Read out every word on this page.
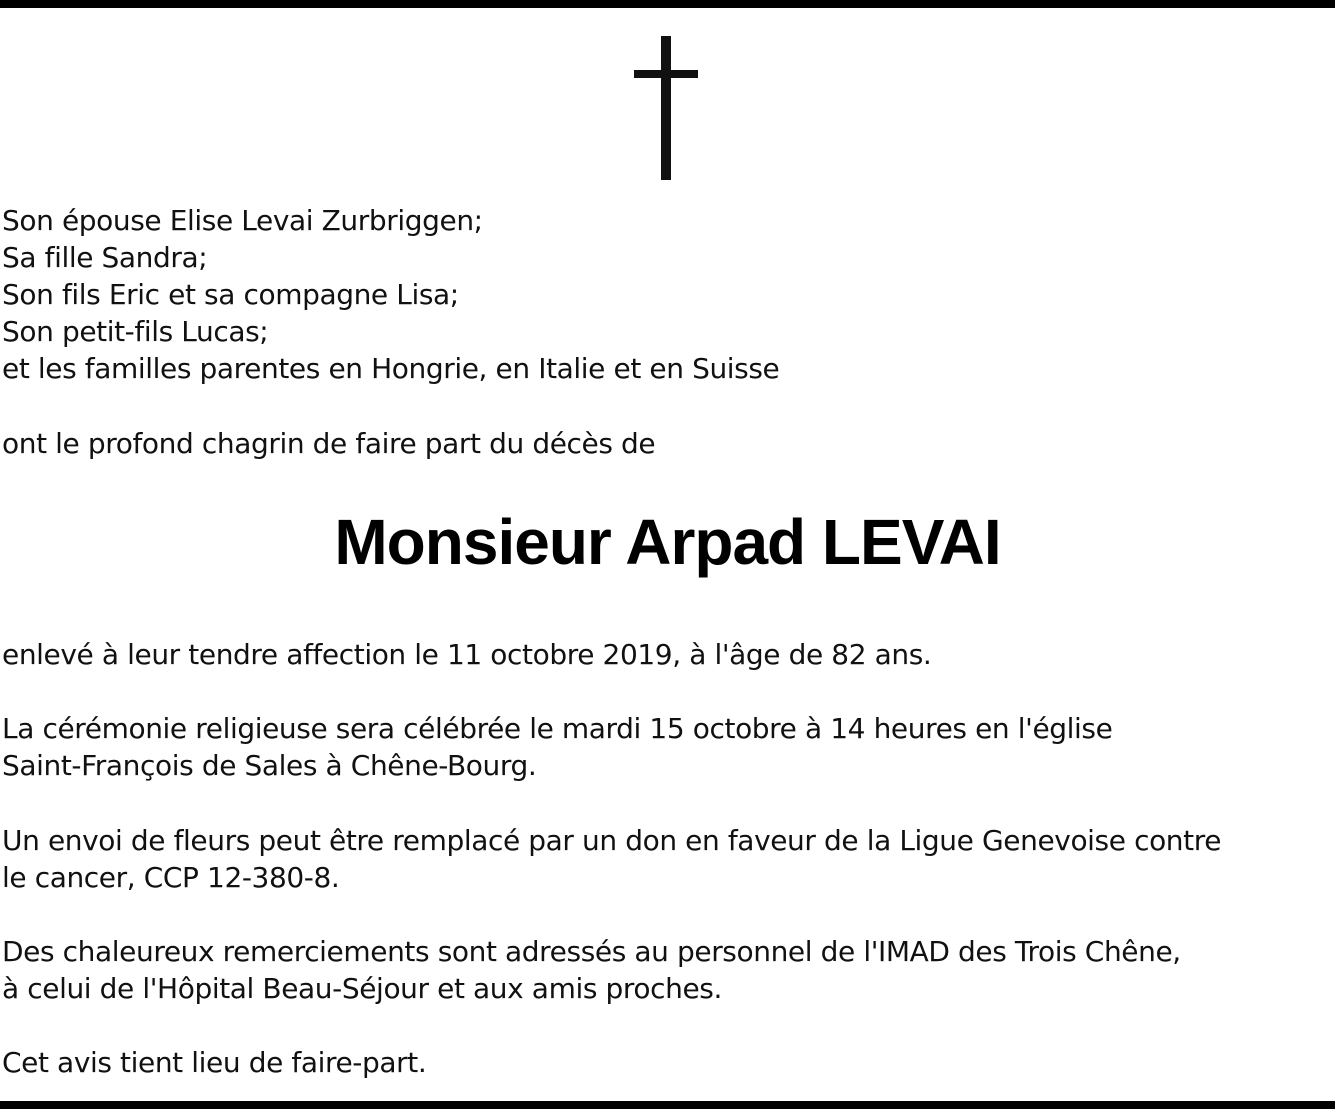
Son épouse Elise Levai Zurbriggen;
Sa fille Sandra;
Son fils Eric et sa compagne Lisa;
Son petit-fils Lucas;
et les familles parentes en Hongrie, en Italie et en Suisse
ont le profond chagrin de faire part du décès de
Monsieur Arpad LEVAI
enlevé à leur tendre affection le 11 octobre 2019, à l'âge de 82 ans.
La cérémonie religieuse sera célébrée le mardi 15 octobre à 14 heures en l'église
Saint-François de Sales à Chêne-Bourg.
Un envoi de fleurs peut être remplacé par un don en faveur de la Ligue Genevoise contre
le cancer, CCP 12-380-8.
Des chaleureux remerciements sont adressés au personnel de l'IMAD des Trois Chêne,
à celui de l'Hôpital Beau-Séjour et aux amis proches.
Cet avis tient lieu de faire-part.
